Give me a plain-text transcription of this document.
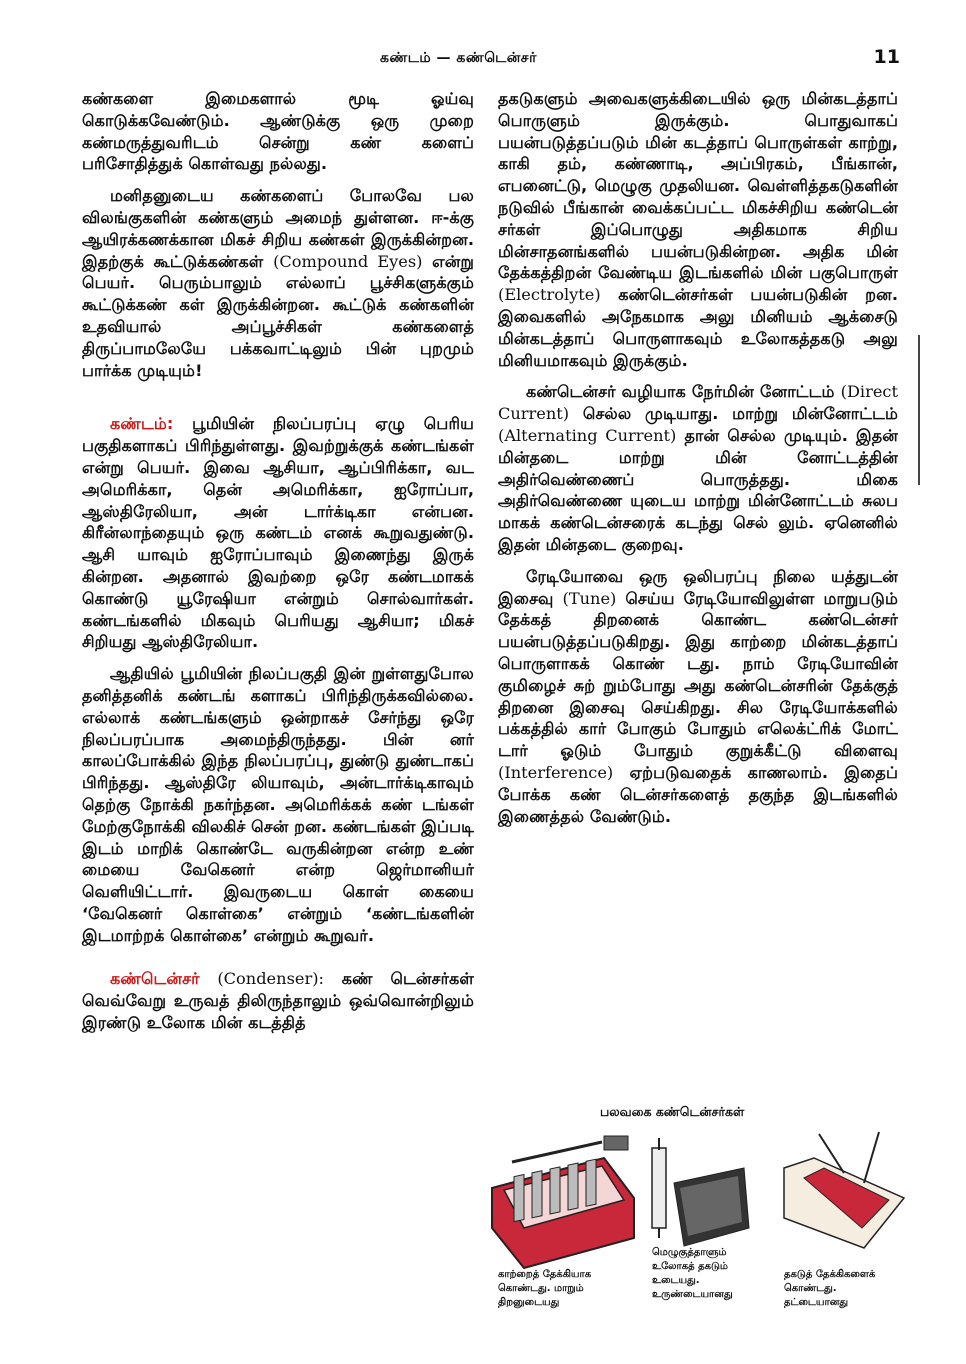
கண்டம் — கண்டென்சர்	11

கண்களை இமைகளால் மூடி ஓய்வு கொடுக்கவேண்டும். ஆண்டுக்கு ஒரு முறை கண்மருத்துவரிடம் சென்று கண் களைப் பரிசோதித்துக் கொள்வது நல்லது.

மனிதனுடைய கண்களைப் போலவே பல விலங்குகளின் கண்களும் அமைந் துள்ளன. ஈ-க்கு ஆயிரக்கணக்கான மிகச் சிறிய கண்கள் இருக்கின்றன. இதற்குக் கூட்டுக்கண்கள் (Compound Eyes) என்று பெயர். பெரும்பாலும் எல்லாப் பூச்சிகளுக்கும் கூட்டுக்கண் கள் இருக்கின்றன. கூட்டுக் கண்களின் உதவியால் அப்பூச்சிகள் கண்களைத் திருப்பாமலேயே பக்கவாட்டிலும் பின் புறமும் பார்க்க முடியும்!

கண்டம்: பூமியின் நிலப்பரப்பு ஏழு பெரிய பகுதிகளாகப் பிரிந்துள்ளது. இவற்றுக்குக் கண்டங்கள் என்று பெயர். இவை ஆசியா, ஆப்பிரிக்கா, வட அமெரிக்கா, தென் அமெரிக்கா, ஐரோப்பா, ஆஸ்திரேலியா, அன் டார்க்டிகா என்பன. கிரீன்லாந்தையும் ஒரு கண்டம் எனக் கூறுவதுண்டு. ஆசி யாவும் ஐரோப்பாவும் இணைந்து இருக் கின்றன. அதனால் இவற்றை ஒரே கண்டமாகக் கொண்டு யூரேஷியா என்றும் சொல்வார்கள். கண்டங்களில் மிகவும் பெரியது ஆசியா; மிகச் சிறியது ஆஸ்திரேலியா.

ஆதியில் பூமியின் நிலப்பகுதி இன் றுள்ளதுபோல தனித்தனிக் கண்டங் களாகப் பிரிந்திருக்கவில்லை. எல்லாக் கண்டங்களும் ஒன்றாகச் சேர்ந்து ஒரே நிலப்பரப்பாக அமைந்திருந்தது. பின் னர் காலப்போக்கில் இந்த நிலப்பரப்பு, துண்டு துண்டாகப் பிரிந்தது. ஆஸ்திரே லியாவும், அன்டார்க்டிகாவும் தெற்கு நோக்கி நகர்ந்தன. அமெரிக்கக் கண் டங்கள் மேற்குநோக்கி விலகிச் சென் றன. கண்டங்கள் இப்படி இடம் மாறிக் கொண்டே வருகின்றன என்ற உண் மையை வேகெனர் என்ற ஜெர்மானியர் வெளியிட்டார். இவருடைய கொள் கையை ‘வேகெனர் கொள்கை’ என்றும் ‘கண்டங்களின் இடமாற்றக் கொள்கை’ என்றும் கூறுவர்.

கண்டென்சர் (Condenser): கண் டென்சர்கள் வெவ்வேறு உருவத் திலிருந்தாலும் ஒவ்வொன்றிலும் இரண்டு உலோக மின் கடத்தித்

தகடுகளும் அவைகளுக்கிடையில் ஒரு மின்கடத்தாப் பொருளும் இருக்கும். பொதுவாகப் பயன்படுத்தப்படும் மின் கடத்தாப் பொருள்கள் காற்று, காகி தம், கண்ணாடி, அப்பிரகம், பீங்கான், எபனைட்டு, மெழுகு முதலியன. வெள்ளித்தகடுகளின் நடுவில் பீங்கான் வைக்கப்பட்ட மிகச்சிறிய கண்டென் சர்கள் இப்பொழுது அதிகமாக சிறிய மின்சாதனங்களில் பயன்படுகின்றன. அதிக மின் தேக்கத்திறன் வேண்டிய இடங்களில் மின் பகுபொருள் (Electrolyte) கண்டென்சர்கள் பயன்படுகின் றன. இவைகளில் அநேகமாக அலு மினியம் ஆக்சைடு மின்கடத்தாப் பொருளாகவும் உலோகத்தகடு அலு மினியமாகவும் இருக்கும்.

கண்டென்சர் வழியாக நேர்மின் னோட்டம் (Direct Current) செல்ல முடியாது. மாற்று மின்னோட்டம் (Alternating Current) தான் செல்ல முடியும். இதன் மின்தடை மாற்று மின் னோட்டத்தின் அதிர்வெண்ணைப் பொருத்தது. மிகை அதிர்வெண்ணை யுடைய மாற்று மின்னோட்டம் சுலப மாகக் கண்டென்சரைக் கடந்து செல் லும். ஏனெனில் இதன் மின்தடை குறைவு.

ரேடியோவை ஒரு ஒலிபரப்பு நிலை யத்துடன் இசைவு (Tune) செய்ய ரேடியோவிலுள்ள மாறுபடும் தேக்கத் திறனைக் கொண்ட கண்டென்சர் பயன்படுத்தப்படுகிறது. இது காற்றை மின்கடத்தாப் பொருளாகக் கொண் டது. நாம் ரேடியோவின் குமிழைச் சுற் றும்போது அது கண்டென்சரின் தேக்குத் திறனை இசைவு செய்கிறது. சில ரேடியோக்களில் பக்கத்தில் கார் போகும் போதும் எலெக்ட்ரிக் மோட் டார் ஓடும் போதும் குறுக்கீட்டு விளைவு (Interference) ஏற்படுவதைக் காணலாம். இதைப் போக்க கண் டென்சர்களைத் தகுந்த இடங்களில் இணைத்தல் வேண்டும்.

பலவகை கண்டென்சர்கள்
காற்றைத் தேக்கியாக கொண்டது. மாறும் திறனுடையது
மெழுகுத்தாளும் உலோகத் தகடும் உடையது. உருண்டையானது
தகடுத் தேக்கிகளைக் கொண்டது. தட்டையானது
